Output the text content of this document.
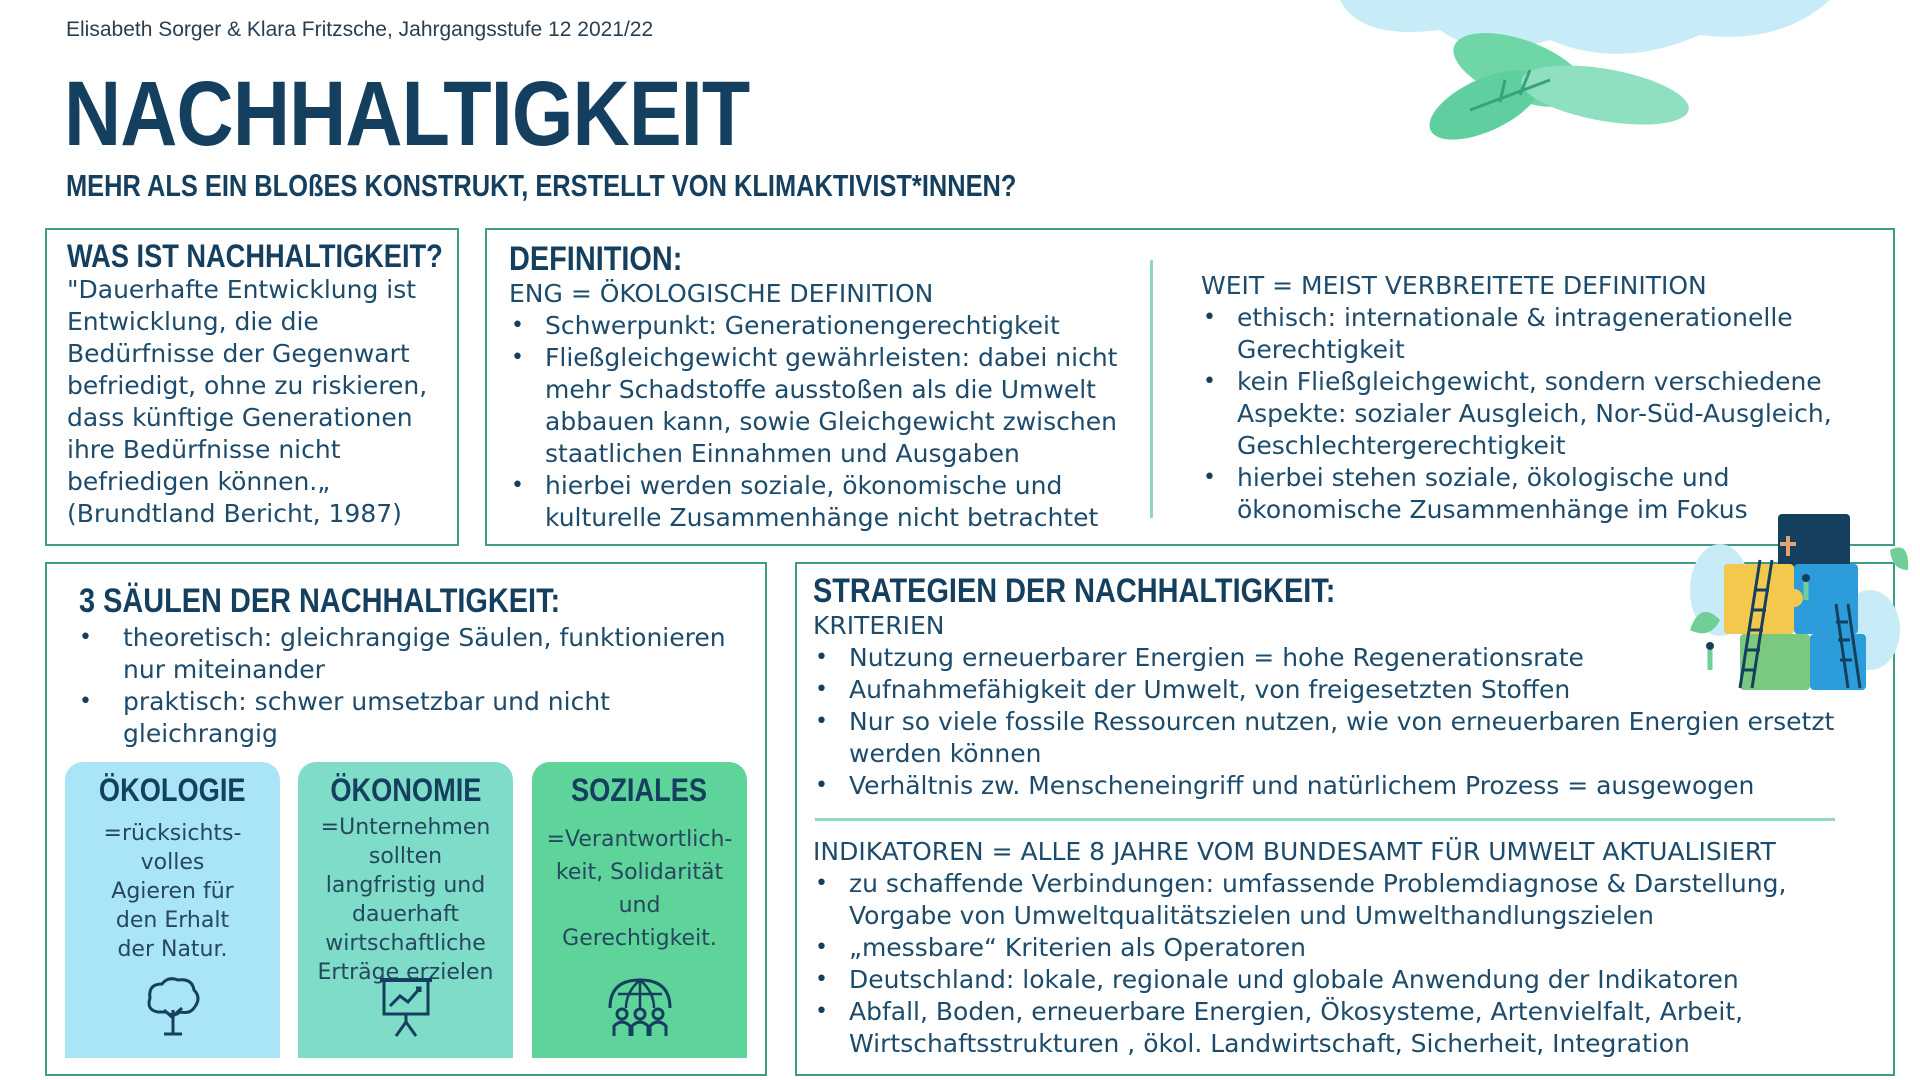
Elisabeth Sorger & Klara Fritzsche, Jahrgangsstufe 12 2021/22
NACHHALTIGKEIT
MEHR ALS EIN BLOßES KONSTRUKT, ERSTELLT VON KLIMAKTIVIST*INNEN?
WAS IST NACHHALTIGKEIT?
"Dauerhafte Entwicklung ist
Entwicklung, die die
Bedürfnisse der Gegenwart
befriedigt, ohne zu riskieren,
dass künftige Generationen
ihre Bedürfnisse nicht
befriedigen können.„
(Brundtland Bericht, 1987)
DEFINITION:
ENG = ÖKOLOGISCHE DEFINITION
• Schwerpunkt: Generationengerechtigkeit
• Fließgleichgewicht gewährleisten: dabei nicht
mehr Schadstoffe ausstoßen als die Umwelt
abbauen kann, sowie Gleichgewicht zwischen
staatlichen Einnahmen und Ausgaben
• hierbei werden soziale, ökonomische und
kulturelle Zusammenhänge nicht betrachtet
WEIT = MEIST VERBREITETE DEFINITION
• ethisch: internationale & intragenerationelle
Gerechtigkeit
• kein Fließgleichgewicht, sondern verschiedene
Aspekte: sozialer Ausgleich, Nor-Süd-Ausgleich,
Geschlechtergerechtigkeit
• hierbei stehen soziale, ökologische und
ökonomische Zusammenhänge im Fokus
3 SÄULEN DER NACHHALTIGKEIT:
• theoretisch: gleichrangige Säulen, funktionieren
nur miteinander
• praktisch: schwer umsetzbar und nicht
gleichrangig
ÖKOLOGIE
=rücksichts-
volles
Agieren für
den Erhalt
der Natur.
ÖKONOMIE
=Unternehmen
sollten
langfristig und
dauerhaft
wirtschaftliche
Erträge erzielen
SOZIALES
=Verantwortlich-
keit, Solidarität
und
Gerechtigkeit.
STRATEGIEN DER NACHHALTIGKEIT:
KRITERIEN
• Nutzung erneuerbarer Energien = hohe Regenerationsrate
• Aufnahmefähigkeit der Umwelt, von freigesetzten Stoffen
• Nur so viele fossile Ressourcen nutzen, wie von erneuerbaren Energien ersetzt
werden können
• Verhältnis zw. Menscheneingriff und natürlichem Prozess = ausgewogen
INDIKATOREN = ALLE 8 JAHRE VOM BUNDESAMT FÜR UMWELT AKTUALISIERT
• zu schaffende Verbindungen: umfassende Problemdiagnose & Darstellung,
Vorgabe von Umweltqualitätszielen und Umwelthandlungszielen
• „messbare“ Kriterien als Operatoren
• Deutschland: lokale, regionale und globale Anwendung der Indikatoren
• Abfall, Boden, erneuerbare Energien, Ökosysteme, Artenvielfalt, Arbeit,
Wirtschaftsstrukturen , ökol. Landwirtschaft, Sicherheit, Integration
